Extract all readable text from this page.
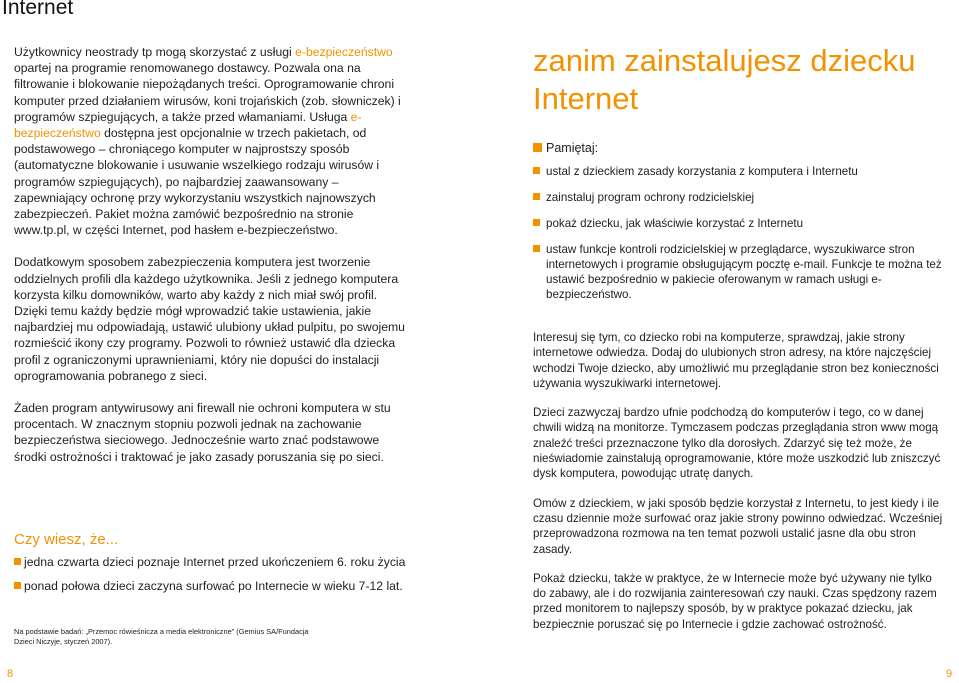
Internet

Użytkownicy neostrady tp mogą skorzystać z usługi e-bezpieczeństwo opartej na programie renomowanego dostawcy. Pozwala ona na filtrowanie i blokowanie niepożądanych treści. Oprogramowanie chroni komputer przed działaniem wirusów, koni trojańskich (zob. słowniczek) i programów szpiegujących, a także przed włamaniami. Usługa e-bezpieczeństwo dostępna jest opcjonalnie w trzech pakietach, od podstawowego – chroniącego komputer w najprostszy sposób (automatyczne blokowanie i usuwanie wszelkiego rodzaju wirusów i programów szpiegujących), po najbardziej zaawansowany – zapewniający ochronę przy wykorzystaniu wszystkich najnowszych zabezpieczeń. Pakiet można zamówić bezpośrednio na stronie www.tp.pl, w części Internet, pod hasłem e-bezpieczeństwo.

Dodatkowym sposobem zabezpieczenia komputera jest tworzenie oddzielnych profili dla każdego użytkownika. Jeśli z jednego komputera korzysta kilku domowników, warto aby każdy z nich miał swój profil. Dzięki temu każdy będzie mógł wprowadzić takie ustawienia, jakie najbardziej mu odpowiadają, ustawić ulubiony układ pulpitu, po swojemu rozmieścić ikony czy programy. Pozwoli to również ustawić dla dziecka profil z ograniczonymi uprawnieniami, który nie dopuści do instalacji oprogramowania pobranego z sieci.

Żaden program antywirusowy ani firewall nie ochroni komputera w stu procentach. W znacznym stopniu pozwoli jednak na zachowanie bezpieczeństwa sieciowego. Jednocześnie warto znać podstawowe środki ostrożności i traktować je jako zasady poruszania się po sieci.

Czy wiesz, że...
jedna czwarta dzieci poznaje Internet przed ukończeniem 6. roku życia
ponad połowa dzieci zaczyna surfować po Internecie w wieku 7-12 lat.
Na podstawie badań: „Przemoc rówieśnicza a media elektroniczne” (Gemius SA/Fundacja Dzieci Niczyje, styczeń 2007).
8	9
zanim zainstalujesz dziecku
Internet
Pamiętaj:
ustal z dzieckiem zasady korzystania z komputera i Internetu
zainstaluj program ochrony rodzicielskiej
pokaż dziecku, jak właściwie korzystać z Internetu
ustaw funkcje kontroli rodzicielskiej w przeglądarce, wyszukiwarce stron internetowych i programie obsługującym pocztę e-mail. Funkcje te można też ustawić bezpośrednio w pakiecie oferowanym w ramach usługi e-bezpieczeństwo.

Interesuj się tym, co dziecko robi na komputerze, sprawdzaj, jakie strony internetowe odwiedza. Dodaj do ulubionych stron adresy, na które najczęściej wchodzi Twoje dziecko, aby umożliwić mu przeglądanie stron bez konieczności używania wyszukiwarki internetowej.

Dzieci zazwyczaj bardzo ufnie podchodzą do komputerów i tego, co w danej chwili widzą na monitorze. Tymczasem podczas przeglądania stron www mogą znaleźć treści przeznaczone tylko dla dorosłych. Zdarzyć się też może, że nieświadomie zainstalują oprogramowanie, które może uszkodzić lub zniszczyć dysk komputera, powodując utratę danych.

Omów z dzieckiem, w jaki sposób będzie korzystał z Internetu, to jest kiedy i ile czasu dziennie może surfować oraz jakie strony powinno odwiedzać. Wcześniej przeprowadzona rozmowa na ten temat pozwoli ustalić jasne dla obu stron zasady.

Pokaż dziecku, także w praktyce, że w Internecie może być używany nie tylko do zabawy, ale i do rozwijania zainteresowań czy nauki. Czas spędzony razem przed monitorem to najlepszy sposób, by w praktyce pokazać dziecku, jak bezpiecznie poruszać się po Internecie i gdzie zachować ostrożność.
